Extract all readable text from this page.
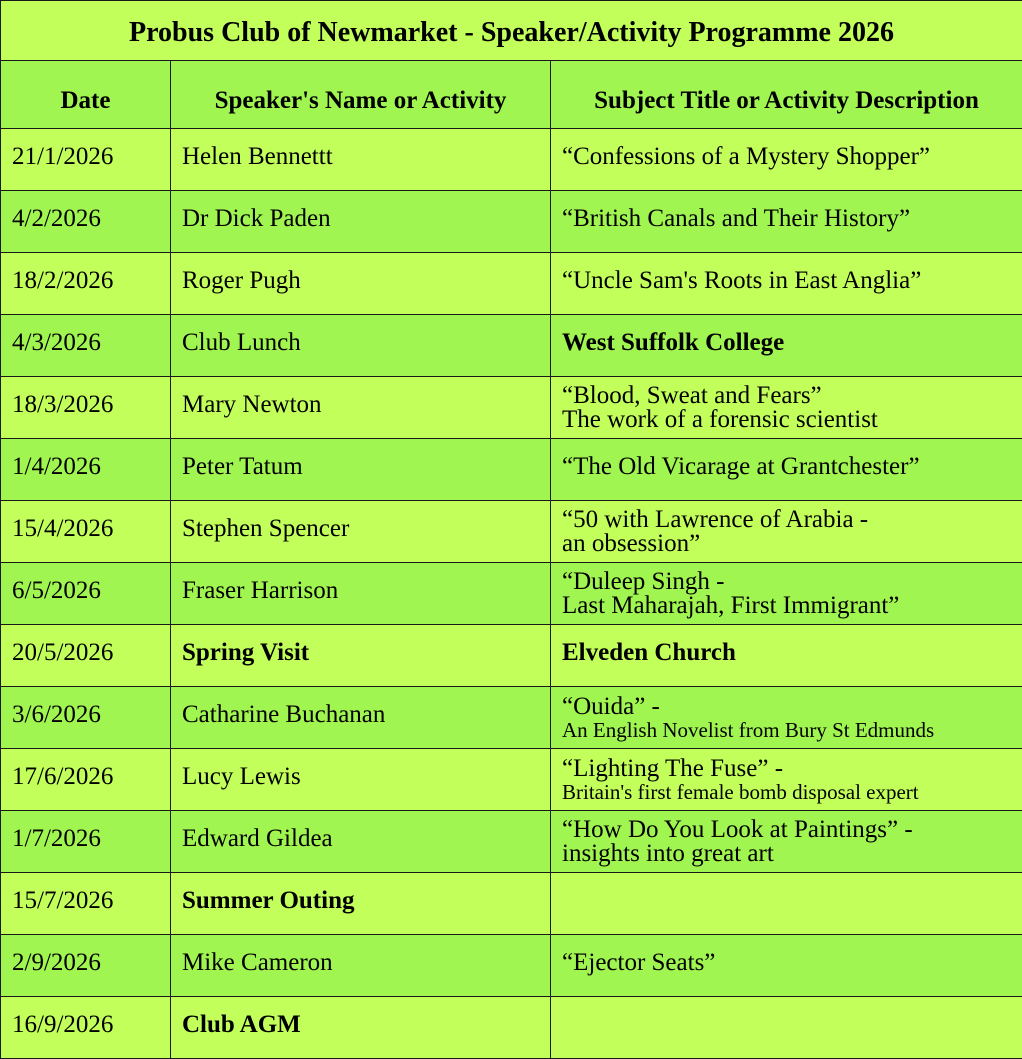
Probus Club of Newmarket - Speaker/Activity Programme 2026		
Date	Speaker's Name or Activity	Subject Title or Activity Description
21/1/2026	Helen Bennettt	“Confessions of a Mystery Shopper”

4/2/2026	Dr Dick Paden	“British Canals and Their History”

18/2/2026	Roger Pugh	“Uncle Sam's Roots in East Anglia”

4/3/2026	Club Lunch	West Suffolk College

18/3/2026	Mary Newton	“Blood, Sweat and Fears”
The work of a forensic scientist

1/4/2026	Peter Tatum	“The Old Vicarage at Grantchester”

15/4/2026	Stephen Spencer	“50 with Lawrence of Arabia -
an obsession”

6/5/2026	Fraser Harrison	“Duleep Singh -
Last Maharajah, First Immigrant”

20/5/2026	Spring Visit	Elveden Church

3/6/2026	Catharine Buchanan	“Ouida” -
An English Novelist from Bury St Edmunds

17/6/2026	Lucy Lewis	“Lighting The Fuse” -
Britain's first female bomb disposal expert

1/7/2026	Edward Gildea	“How Do You Look at Paintings” -
insights into great art

15/7/2026	Summer Outing	
2/9/2026	Mike Cameron	“Ejector Seats”

16/9/2026	Club AGM	
